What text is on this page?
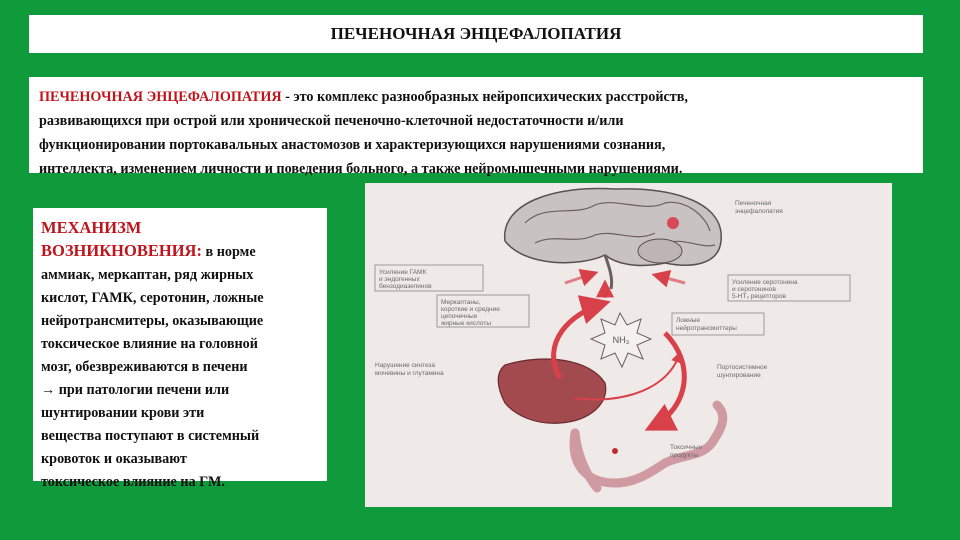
ПЕЧЕНОЧНАЯ ЭНЦЕФАЛОПАТИЯ
ПЕЧЕНОЧНАЯ ЭНЦЕФАЛОПАТИЯ - это комплекс разнообразных нейропсихических расстройств,
развивающихся при острой или хронической печеночно-клеточной недостаточности и/или
функционировании портокавальных анастомозов и характеризующихся нарушениями сознания,
интеллекта, изменением личности и поведения больного, а также нейромышечными нарушениями.
МЕХАНИЗМ
ВОЗНИКНОВЕНИЯ: в норме
аммиак, меркаптан, ряд жирных
кислот, ГАМК, серотонин, ложные
нейротрансмитеры, оказывающие
токсическое влияние на головной
мозг, обезвреживаются в печени
→ при патологии печени или
шунтировании крови эти
вещества поступают в системный
кровоток и оказывают
токсическое влияние на ГМ.
NH₃
Усиление ГАМК
и эндогенных
бензодиазепинов
Печеночная
энцефалопатия
Усиление серотонина
и серотонинов
5-HT₂ рецепторов
Меркаптаны,
короткие и средние
цепочечные
жирные кислоты	Ложные
нейротрансмиттеры
Нарушение синтеза
мочевины и глутамина
Портосистемное
шунтирование
Токсичные
продукты
